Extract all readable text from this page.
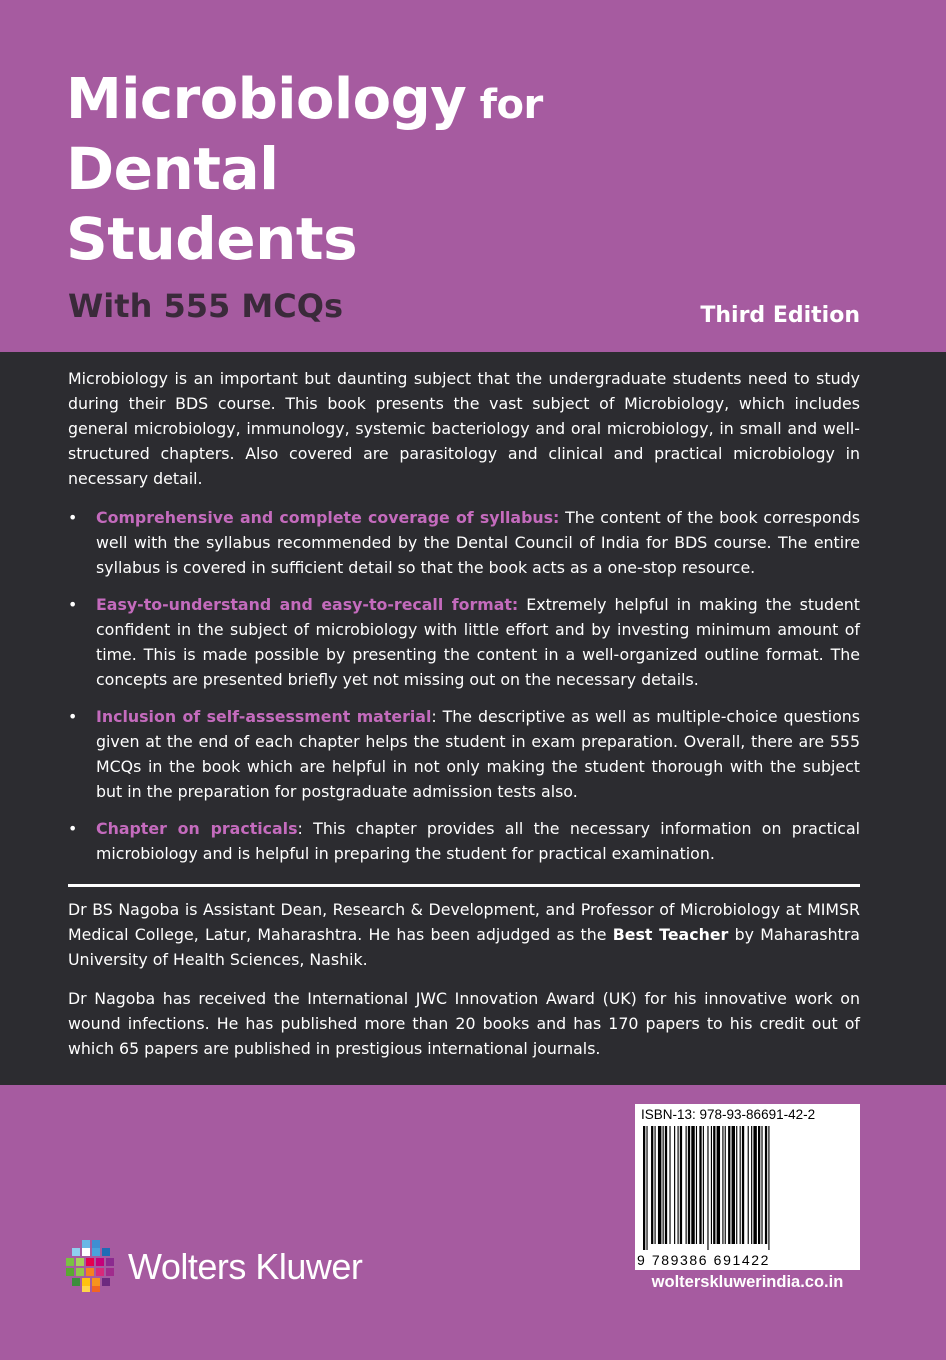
Microbiology for
Dental
Students
With 555 MCQs	Third Edition

Microbiology is an important but daunting subject that the undergraduate students need to study during their BDS course. This book presents the vast subject of Microbiology, which includes general microbiology, immunology, systemic bacteriology and oral microbiology, in small and well-structured chapters. Also covered are parasitology and clinical and practical microbiology in necessary detail.

• Comprehensive and complete coverage of syllabus: The content of the book corresponds well with the syllabus recommended by the Dental Council of India for BDS course. The entire syllabus is covered in sufficient detail so that the book acts as a one-stop resource.
• Easy-to-understand and easy-to-recall format: Extremely helpful in making the student confident in the subject of microbiology with little effort and by investing minimum amount of time. This is made possible by presenting the content in a well-organized outline format. The concepts are presented briefly yet not missing out on the necessary details.
• Inclusion of self-assessment material: The descriptive as well as multiple-choice questions given at the end of each chapter helps the student in exam preparation. Overall, there are 555 MCQs in the book which are helpful in not only making the student thorough with the subject but in the preparation for postgraduate admission tests also.
• Chapter on practicals: This chapter provides all the necessary information on practical microbiology and is helpful in preparing the student for practical examination.

Dr BS Nagoba is Assistant Dean, Research & Development, and Professor of Microbiology at MIMSR Medical College, Latur, Maharashtra. He has been adjudged as the Best Teacher by Maharashtra University of Health Sciences, Nashik.

Dr Nagoba has received the International JWC Innovation Award (UK) for his innovative work on wound infections. He has published more than 20 books and has 170 papers to his credit out of which 65 papers are published in prestigious international journals.

Wolters Kluwer
ISBN-13: 978-93-86691-42-2
9 789386 691422
wolterskluwerindia.co.in
